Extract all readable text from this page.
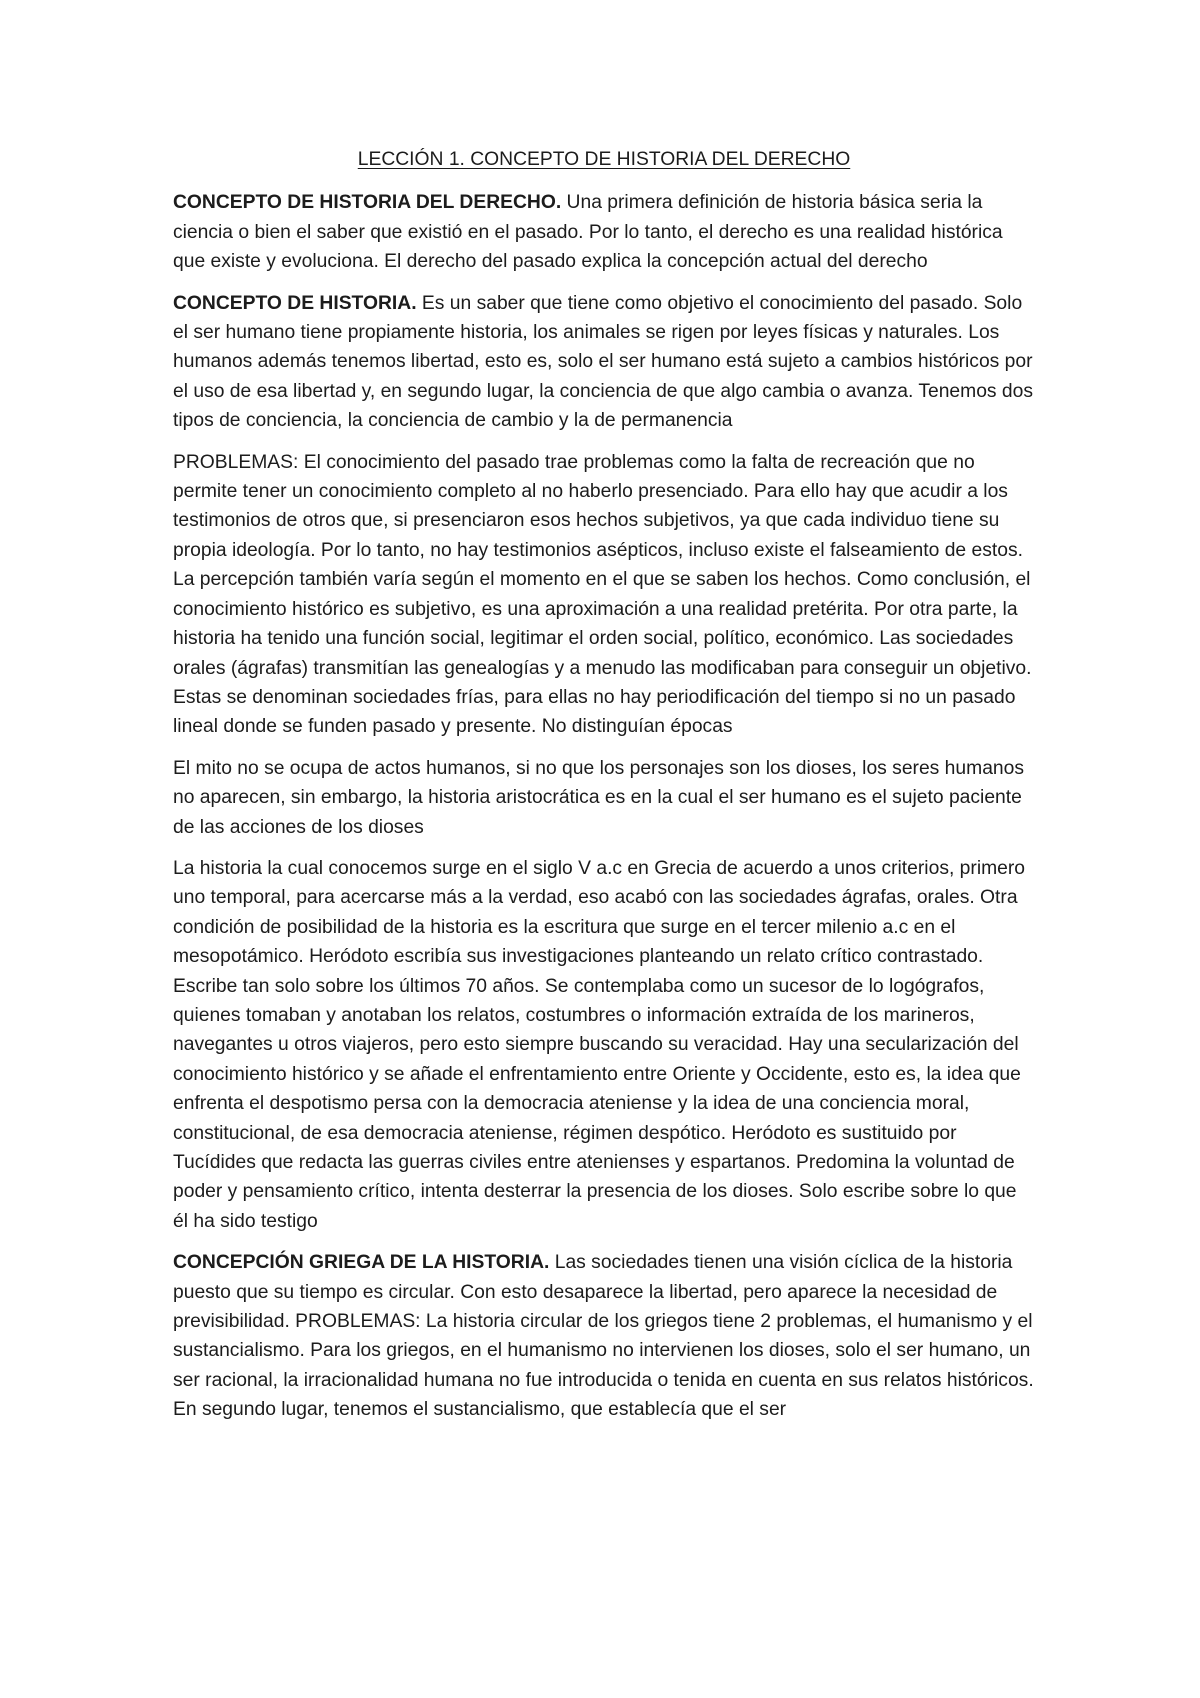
LECCIÓN 1. CONCEPTO DE HISTORIA DEL DERECHO

CONCEPTO DE HISTORIA DEL DERECHO. Una primera definición de historia básica seria la ciencia o bien el saber que existió en el pasado. Por lo tanto, el derecho es una realidad histórica que existe y evoluciona. El derecho del pasado explica la concepción actual del derecho

CONCEPTO DE HISTORIA. Es un saber que tiene como objetivo el conocimiento del pasado. Solo el ser humano tiene propiamente historia, los animales se rigen por leyes físicas y naturales. Los humanos además tenemos libertad, esto es, solo el ser humano está sujeto a cambios históricos por el uso de esa libertad y, en segundo lugar, la conciencia de que algo cambia o avanza. Tenemos dos tipos de conciencia, la conciencia de cambio y la de permanencia

PROBLEMAS: El conocimiento del pasado trae problemas como la falta de recreación que no permite tener un conocimiento completo al no haberlo presenciado. Para ello hay que acudir a los testimonios de otros que, si presenciaron esos hechos subjetivos, ya que cada individuo tiene su propia ideología. Por lo tanto, no hay testimonios asépticos, incluso existe el falseamiento de estos. La percepción también varía según el momento en el que se saben los hechos. Como conclusión, el conocimiento histórico es subjetivo, es una aproximación a una realidad pretérita. Por otra parte, la historia ha tenido una función social, legitimar el orden social, político, económico. Las sociedades orales (ágrafas) transmitían las genealogías y a menudo las modificaban para conseguir un objetivo. Estas se denominan sociedades frías, para ellas no hay periodificación del tiempo si no un pasado lineal donde se funden pasado y presente. No distinguían épocas

El mito no se ocupa de actos humanos, si no que los personajes son los dioses, los seres humanos no aparecen, sin embargo, la historia aristocrática es en la cual el ser humano es el sujeto paciente de las acciones de los dioses

La historia la cual conocemos surge en el siglo V a.c en Grecia de acuerdo a unos criterios, primero uno temporal, para acercarse más a la verdad, eso acabó con las sociedades ágrafas, orales. Otra condición de posibilidad de la historia es la escritura que surge en el tercer milenio a.c en el mesopotámico. Heródoto escribía sus investigaciones planteando un relato crítico contrastado. Escribe tan solo sobre los últimos 70 años. Se contemplaba como un sucesor de lo logógrafos, quienes tomaban y anotaban los relatos, costumbres o información extraída de los marineros, navegantes u otros viajeros, pero esto siempre buscando su veracidad. Hay una secularización del conocimiento histórico y se añade el enfrentamiento entre Oriente y Occidente, esto es, la idea que enfrenta el despotismo persa con la democracia ateniense y la idea de una conciencia moral, constitucional, de esa democracia ateniense, régimen despótico. Heródoto es sustituido por Tucídides que redacta las guerras civiles entre atenienses y espartanos. Predomina la voluntad de poder y pensamiento crítico, intenta desterrar la presencia de los dioses. Solo escribe sobre lo que él ha sido testigo

CONCEPCIÓN GRIEGA DE LA HISTORIA. Las sociedades tienen una visión cíclica de la historia puesto que su tiempo es circular. Con esto desaparece la libertad, pero aparece la necesidad de previsibilidad. PROBLEMAS: La historia circular de los griegos tiene 2 problemas, el humanismo y el sustancialismo. Para los griegos, en el humanismo no intervienen los dioses, solo el ser humano, un ser racional, la irracionalidad humana no fue introducida o tenida en cuenta en sus relatos históricos. En segundo lugar, tenemos el sustancialismo, que establecía que el ser
